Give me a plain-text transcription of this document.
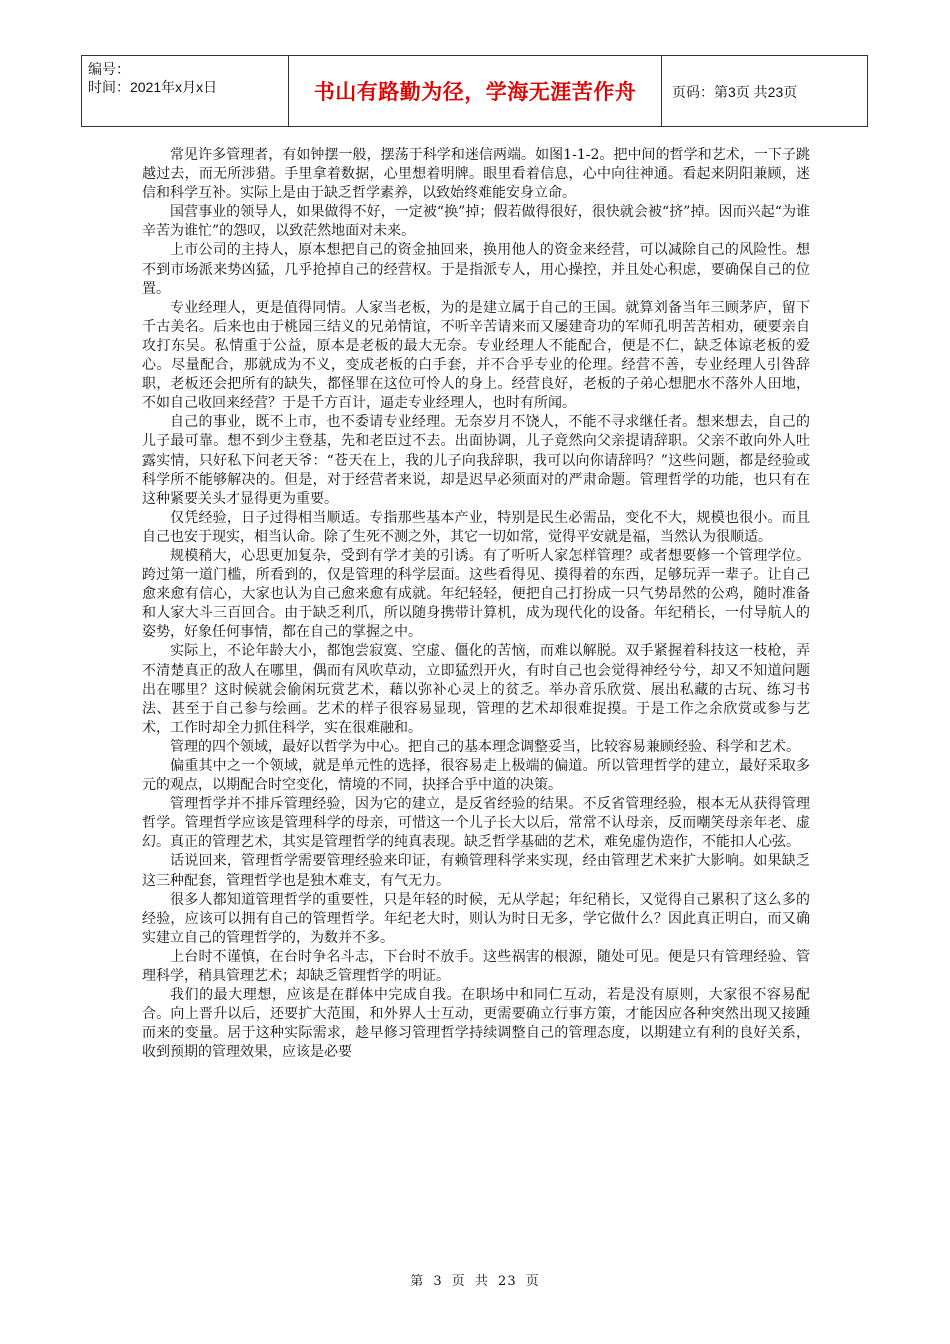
编号：
时间：2021年x月x日	书山有路勤为径，学海无涯苦作舟	页码：第3页 共23页

常见许多管理者，有如钟摆一般，摆荡于科学和迷信两端。如图1-1-2。把中间的哲学和艺术，一下子跳越过去，而无所涉猎。手里拿着数据，心里想着明牌。眼里看着信息，心中向往神通。看起来阴阳兼顾，迷信和科学互补。实际上是由于缺乏哲学素养，以致始终难能安身立命。

国营事业的领导人，如果做得不好，一定被“换”掉；假若做得很好，很快就会被“挤”掉。因而兴起“为谁辛苦为谁忙”的怨叹，以致茫然地面对未来。

上市公司的主持人，原本想把自己的资金抽回来，换用他人的资金来经营，可以减除自己的风险性。想不到市场派来势凶猛，几乎抢掉自己的经营权。于是指派专人，用心操控，并且处心积虑，要确保自己的位置。

专业经理人，更是值得同情。人家当老板，为的是建立属于自己的王国。就算刘备当年三顾茅庐，留下千古美名。后来也由于桃园三结义的兄弟情谊，不听辛苦请来而又屡建奇功的军师孔明苦苦相劝，硬要亲自攻打东吴。私情重于公益，原本是老板的最大无奈。专业经理人不能配合，便是不仁，缺乏体谅老板的爱心。尽量配合，那就成为不义，变成老板的白手套，并不合乎专业的伦理。经营不善，专业经理人引咎辞职，老板还会把所有的缺失，都怪罪在这位可怜人的身上。经营良好，老板的子弟心想肥水不落外人田地，不如自己收回来经营？于是千方百计，逼走专业经理人，也时有所闻。

自己的事业，既不上市，也不委请专业经理。无奈岁月不饶人，不能不寻求继任者。想来想去，自己的儿子最可靠。想不到少主登基，先和老臣过不去。出面协调，儿子竟然向父亲提请辞职。父亲不敢向外人吐露实情，只好私下问老天爷：“苍天在上，我的儿子向我辞职，我可以向你请辞吗？”这些问题，都是经验或科学所不能够解决的。但是，对于经营者来说，却是迟早必须面对的严肃命题。管理哲学的功能，也只有在这种紧要关头才显得更为重要。

仅凭经验，日子过得相当顺适。专指那些基本产业，特别是民生必需品，变化不大，规模也很小。而且自己也安于现实，相当认命。除了生死不测之外，其它一切如常，觉得平安就是福，当然认为很顺适。

规模稍大，心思更加复杂，受到有学才美的引诱。有了听听人家怎样管理？或者想要修一个管理学位。跨过第一道门槛，所看到的，仅是管理的科学层面。这些看得见、摸得着的东西，足够玩弄一辈子。让自己愈来愈有信心，大家也认为自己愈来愈有成就。年纪轻轻，便把自己打扮成一只气势昂然的公鸡，随时准备和人家大斗三百回合。由于缺乏利爪，所以随身携带计算机，成为现代化的设备。年纪稍长，一付导航人的姿势，好象任何事情，都在自己的掌握之中。

实际上，不论年龄大小，都饱尝寂寞、空虚、僵化的苦恼，而难以解脱。双手紧握着科技这一枝枪，弄不清楚真正的敌人在哪里，偶而有风吹草动，立即猛烈开火，有时自己也会觉得神经兮兮，却又不知道问题出在哪里？这时候就会偷闲玩赏艺术，藉以弥补心灵上的贫乏。举办音乐欣赏、展出私藏的古玩、练习书法、甚至于自己参与绘画。艺术的样子很容易显现，管理的艺术却很难捉摸。于是工作之余欣赏或参与艺术，工作时却全力抓住科学，实在很难融和。

管理的四个领域，最好以哲学为中心。把自己的基本理念调整妥当，比较容易兼顾经验、科学和艺术。

偏重其中之一个领域，就是单元性的选择，很容易走上极端的偏道。所以管理哲学的建立，最好采取多元的观点，以期配合时空变化，情境的不同，抉择合乎中道的决策。

管理哲学并不排斥管理经验，因为它的建立，是反省经验的结果。不反省管理经验，根本无从获得管理哲学。管理哲学应该是管理科学的母亲，可惜这一个儿子长大以后，常常不认母亲，反而嘲笑母亲年老、虚幻。真正的管理艺术，其实是管理哲学的纯真表现。缺乏哲学基础的艺术，难免虚伪造作，不能扣人心弦。

话说回来，管理哲学需要管理经验来印证，有赖管理科学来实现，经由管理艺术来扩大影响。如果缺乏这三种配套，管理哲学也是独木难支，有气无力。

很多人都知道管理哲学的重要性，只是年轻的时候，无从学起；年纪稍长，又觉得自己累积了这么多的经验，应该可以拥有自己的管理哲学。年纪老大时，则认为时日无多，学它做什么？因此真正明白，而又确实建立自己的管理哲学的，为数并不多。

上台时不谨慎，在台时争名斗志，下台时不放手。这些祸害的根源，随处可见。便是只有管理经验、管理科学，稍具管理艺术；却缺乏管理哲学的明证。

我们的最大理想，应该是在群体中完成自我。在职场中和同仁互动，若是没有原则，大家很不容易配合。向上晋升以后，还要扩大范围，和外界人士互动，更需要确立行事方策，才能因应各种突然出现又接踵而来的变量。居于这种实际需求，趁早修习管理哲学持续调整自己的管理态度，以期建立有利的良好关系，收到预期的管理效果，应该是必要

第 3 页 共 23 页
